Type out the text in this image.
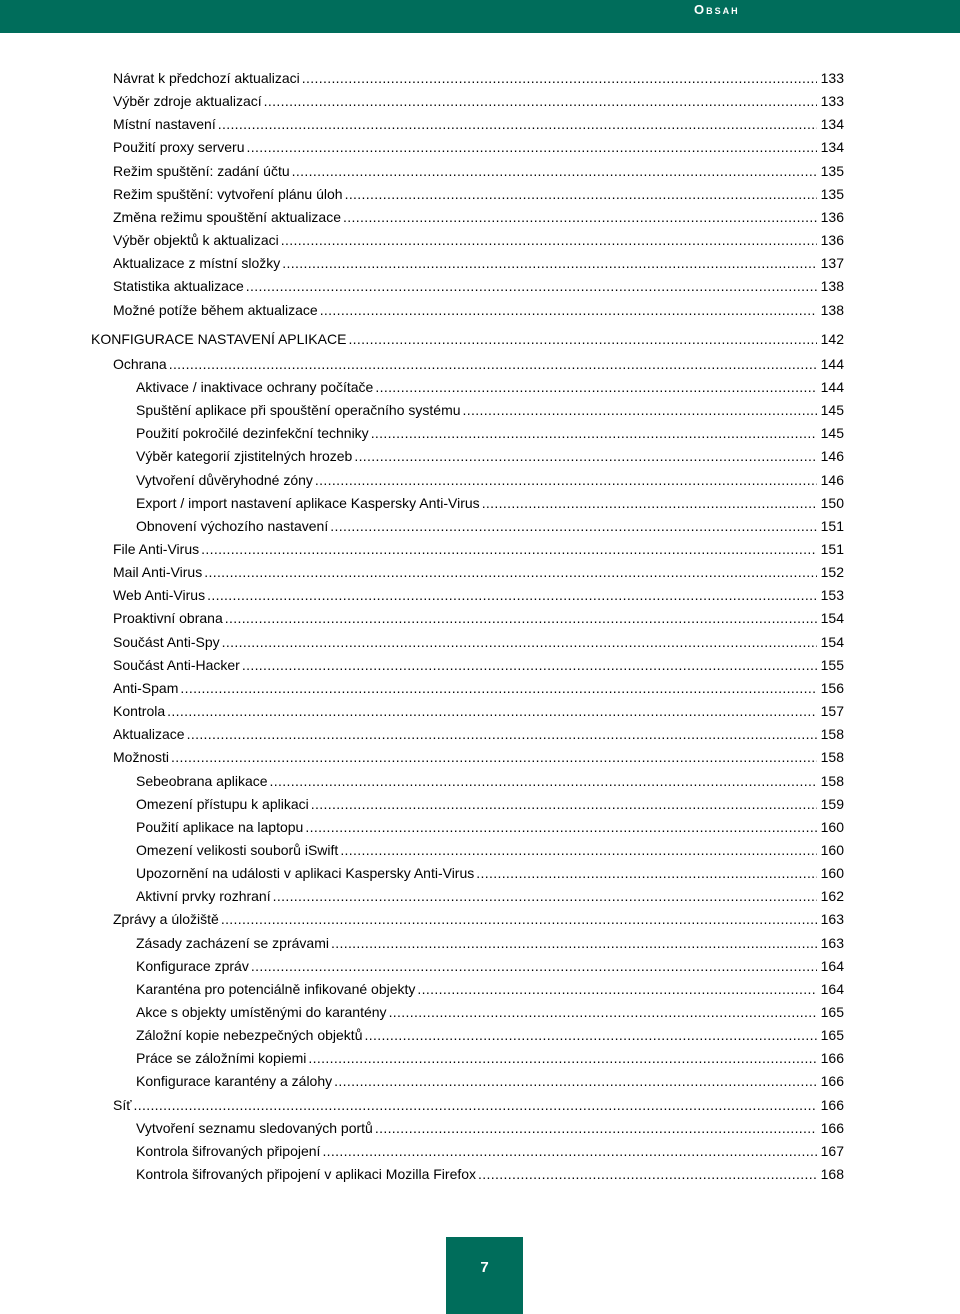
Obsah
Návrat k předchozí aktualizaci .....	133
Výběr zdroje aktualizací .....	133
Místní nastavení .....	134
Použití proxy serveru .....	134
Režim spuštění: zadání účtu .....	135
Režim spuštění: vytvoření plánu úloh .....	135
Změna režimu spouštění aktualizace .....	136
Výběr objektů k aktualizaci .....	136
Aktualizace z místní složky .....	137
Statistika aktualizace .....	138
Možné potíže během aktualizace .....	138
KONFIGURACE NASTAVENÍ APLIKACE .....	142
Ochrana .....	144
Aktivace / inaktivace ochrany počítače .....	144
Spuštění aplikace při spouštění operačního systému .....	145
Použití pokročilé dezinfekční techniky .....	145
Výběr kategorií zjistitelných hrozeb .....	146
Vytvoření důvěryhodné zóny .....	146
Export / import nastavení aplikace Kaspersky Anti-Virus .....	150
Obnovení výchozího nastavení .....	151
File Anti-Virus .....	151
Mail Anti-Virus .....	152
Web Anti-Virus .....	153
Proaktivní obrana .....	154
Součást Anti-Spy .....	154
Součást Anti-Hacker .....	155
Anti-Spam .....	156
Kontrola .....	157
Aktualizace .....	158
Možnosti .....	158
Sebeobrana aplikace .....	158
Omezení přístupu k aplikaci .....	159
Použití aplikace na laptopu .....	160
Omezení velikosti souborů iSwift .....	160
Upozornění na události v aplikaci Kaspersky Anti-Virus .....	160
Aktivní prvky rozhraní .....	162
Zprávy a úložiště .....	163
Zásady zacházení se zprávami .....	163
Konfigurace zpráv .....	164
Karanténa pro potenciálně infikované objekty .....	164
Akce s objekty umístěnými do karantény .....	165
Záložní kopie nebezpečných objektů .....	165
Práce se záložními kopiemi .....	166
Konfigurace karantény a zálohy .....	166
Síť .....	166
Vytvoření seznamu sledovaných portů .....	166
Kontrola šifrovaných připojení .....	167
Kontrola šifrovaných připojení v aplikaci Mozilla Firefox .....	168
7
